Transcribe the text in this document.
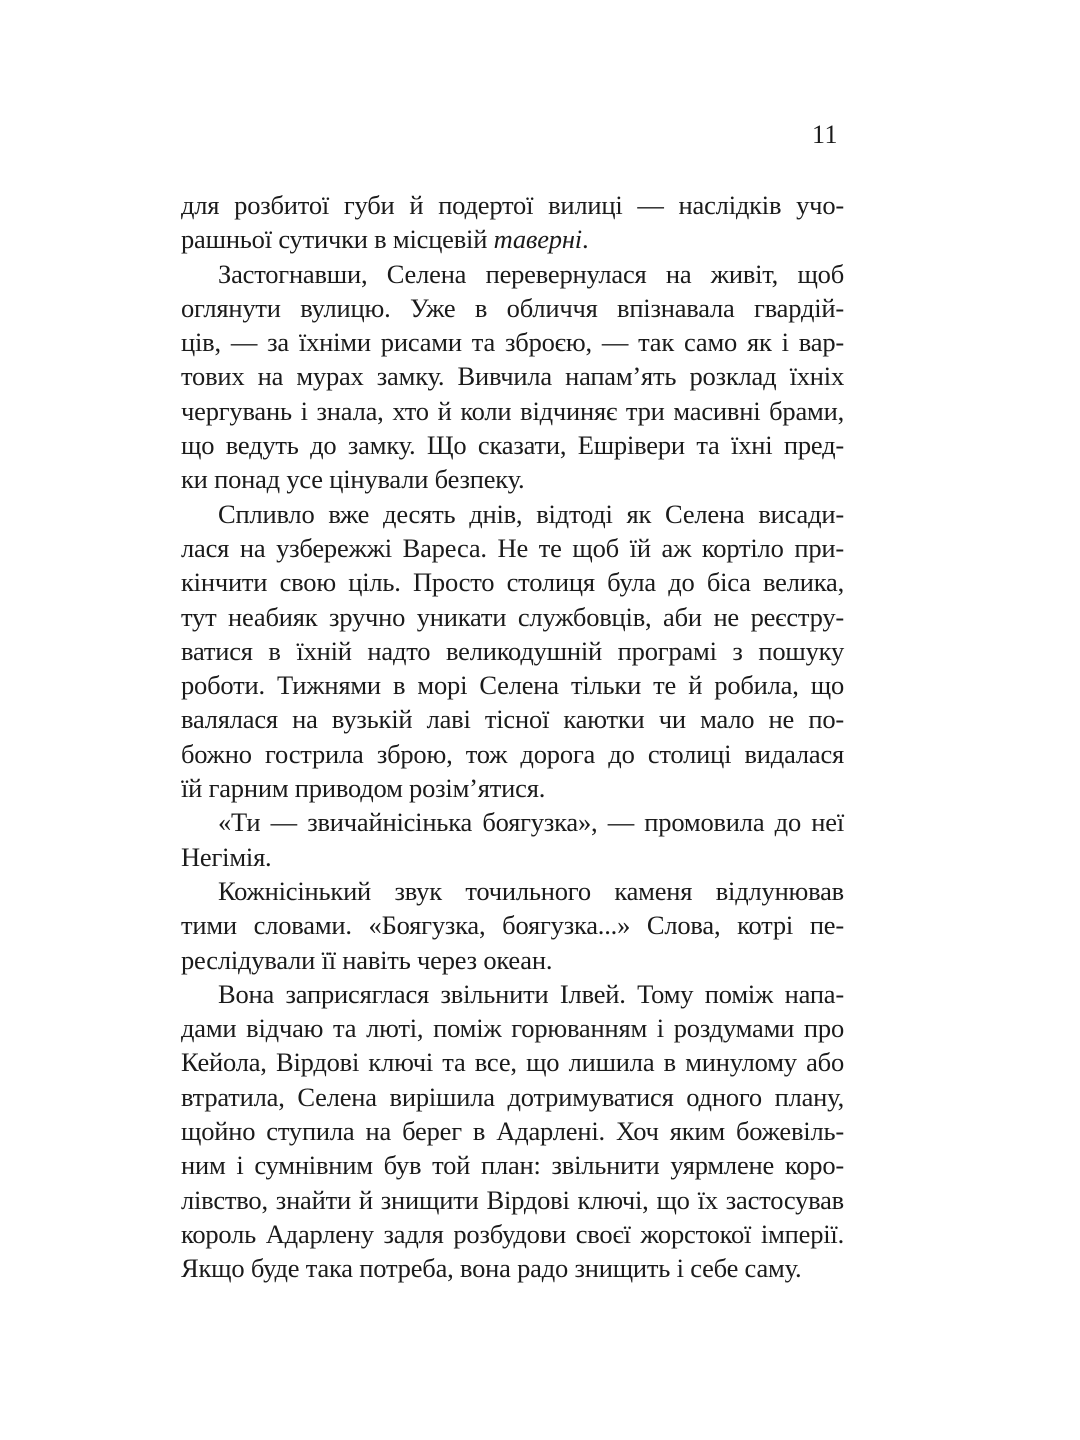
11
для розбитої губи й подертої вилиці — наслідків учо-
рашньої сутички в місцевій таверні.
Застогнавши, Селена перевернулася на живіт, щоб
оглянути вулицю. Уже в обличчя впізнавала гвардій-
ців, — за їхніми рисами та зброєю, — так само як і вар-
тових на мурах замку. Вивчила напам’ять розклад їхніх
чергувань і знала, хто й коли відчиняє три масивні брами,
що ведуть до замку. Що сказати, Ешрівери та їхні пред-
ки понад усе цінували безпеку.
Спливло вже десять днів, відтоді як Селена висади-
лася на узбережжі Вареса. Не те щоб їй аж кортіло при-
кінчити свою ціль. Просто столиця була до біса велика,
тут неабияк зручно уникати службовців, аби не реєстру-
ватися в їхній надто великодушній програмі з пошуку
роботи. Тижнями в морі Селена тільки те й робила, що
валялася на вузькій лаві тісної каютки чи мало не по-
божно гострила зброю, тож дорога до столиці видалася
їй гарним приводом розім’ятися.
«Ти — звичайнісінька боягузка», — промовила до неї
Негімія.
Кожнісінький звук точильного каменя відлунював
тими словами. «Боягузка, боягузка...» Слова, котрі пе-
реслідували її навіть через океан.
Вона заприсяглася звільнити Ілвей. Тому поміж напа-
дами відчаю та люті, поміж горюванням і роздумами про
Кейола, Вірдові ключі та все, що лишила в минулому або
втратила, Селена вирішила дотримуватися одного плану,
щойно ступила на берег в Адарлені. Хоч яким божевіль-
ним і сумнівним був той план: звільнити уярмлене коро-
лівство, знайти й знищити Вірдові ключі, що їх застосував
король Адарлену задля розбудови своєї жорстокої імперії.
Якщо буде така потреба, вона радо знищить і себе саму.
